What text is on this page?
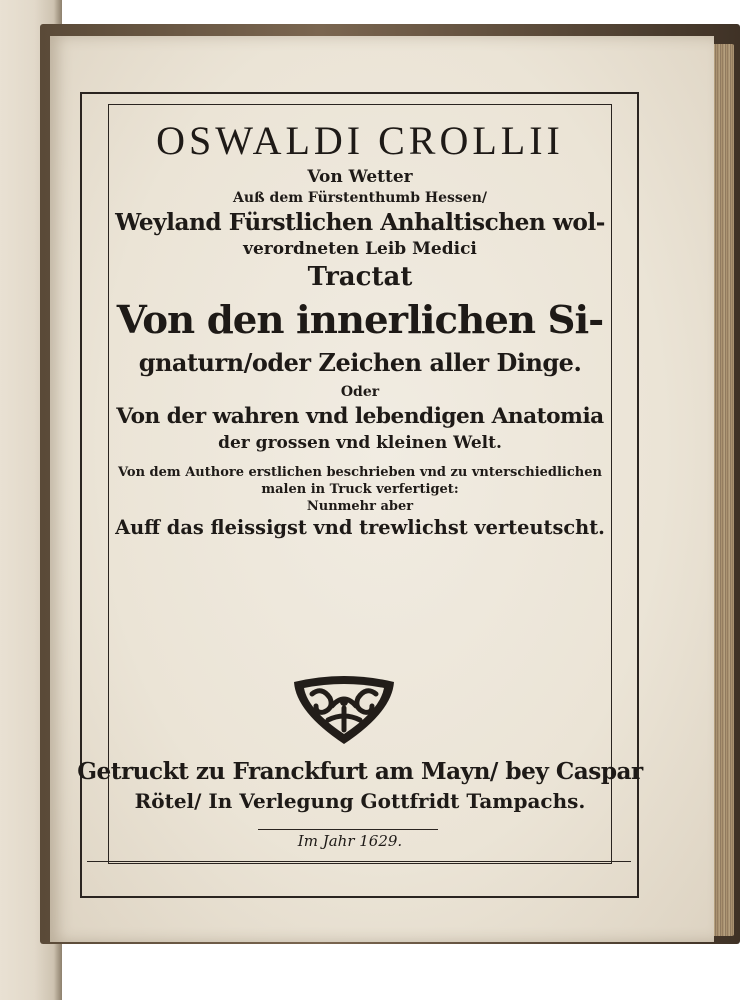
OSWALDI CROLLII
Von Wetter
Auß dem Fürstenthumb Hessen/
Weyland Fürstlichen Anhaltischen wol-
verordneten Leib Medici
Tractat
Von den innerlichen Si-
gnaturn/oder Zeichen aller Dinge.
Oder
Von der wahren vnd lebendigen Anatomia
der grossen vnd kleinen Welt.
Von dem Authore erstlichen beschrieben vnd zu vnterschiedlichen
malen in Truck verfertiget:
Nunmehr aber
Auff das fleissigst vnd trewlichst verteutscht.
Getruckt zu Franckfurt am Mayn/ bey Caspar
Rötel/ In Verlegung Gottfridt Tampachs.
Im Jahr 1629.
